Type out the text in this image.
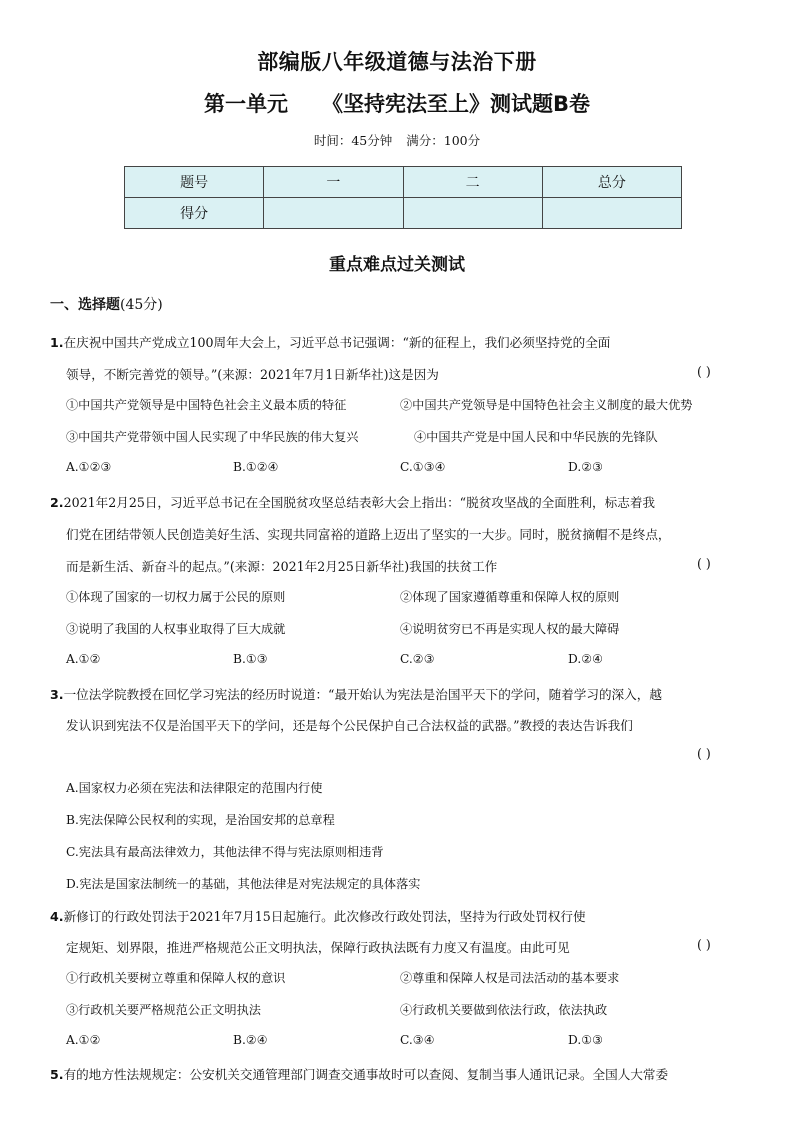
部编版八年级道德与法治下册
第一单元 《坚持宪法至上》测试题B卷
时间：45分钟 满分：100分
题号	一	二	总分
得分			
重点难点过关测试
一、选择题(45分)
1.在庆祝中国共产党成立100周年大会上，习近平总书记强调：“新的征程上，我们必须坚持党的全面
领导，不断完善党的领导。”(来源：2021年7月1日新华社)这是因为	( )
①中国共产党领导是中国特色社会主义最本质的特征	②中国共产党领导是中国特色社会主义制度的最大优势
③中国共产党带领中国人民实现了中华民族的伟大复兴	④中国共产党是中国人民和中华民族的先锋队
A.①②③	B.①②④	C.①③④	D.②③
2.2021年2月25日，习近平总书记在全国脱贫攻坚总结表彰大会上指出：“脱贫攻坚战的全面胜利，标志着我
们党在团结带领人民创造美好生活、实现共同富裕的道路上迈出了坚实的一大步。同时，脱贫摘帽不是终点，
而是新生活、新奋斗的起点。”(来源：2021年2月25日新华社)我国的扶贫工作	( )
①体现了国家的一切权力属于公民的原则	②体现了国家遵循尊重和保障人权的原则
③说明了我国的人权事业取得了巨大成就	④说明贫穷已不再是实现人权的最大障碍
A.①②	B.①③	C.②③	D.②④
3.一位法学院教授在回忆学习宪法的经历时说道：“最开始认为宪法是治国平天下的学问，随着学习的深入，越
发认识到宪法不仅是治国平天下的学问，还是每个公民保护自己合法权益的武器。”教授的表达告诉我们
( )
A.国家权力必须在宪法和法律限定的范围内行使
B.宪法保障公民权利的实现，是治国安邦的总章程
C.宪法具有最高法律效力，其他法律不得与宪法原则相违背
D.宪法是国家法制统一的基础，其他法律是对宪法规定的具体落实
4.新修订的行政处罚法于2021年7月15日起施行。此次修改行政处罚法，坚持为行政处罚权行使
定规矩、划界限，推进严格规范公正文明执法，保障行政执法既有力度又有温度。由此可见	( )
①行政机关要树立尊重和保障人权的意识	②尊重和保障人权是司法活动的基本要求
③行政机关要严格规范公正文明执法	④行政机关要做到依法行政，依法执政
A.①②	B.②④	C.③④	D.①③
5.有的地方性法规规定：公安机关交通管理部门调查交通事故时可以查阅、复制当事人通讯记录。全国人大常委
